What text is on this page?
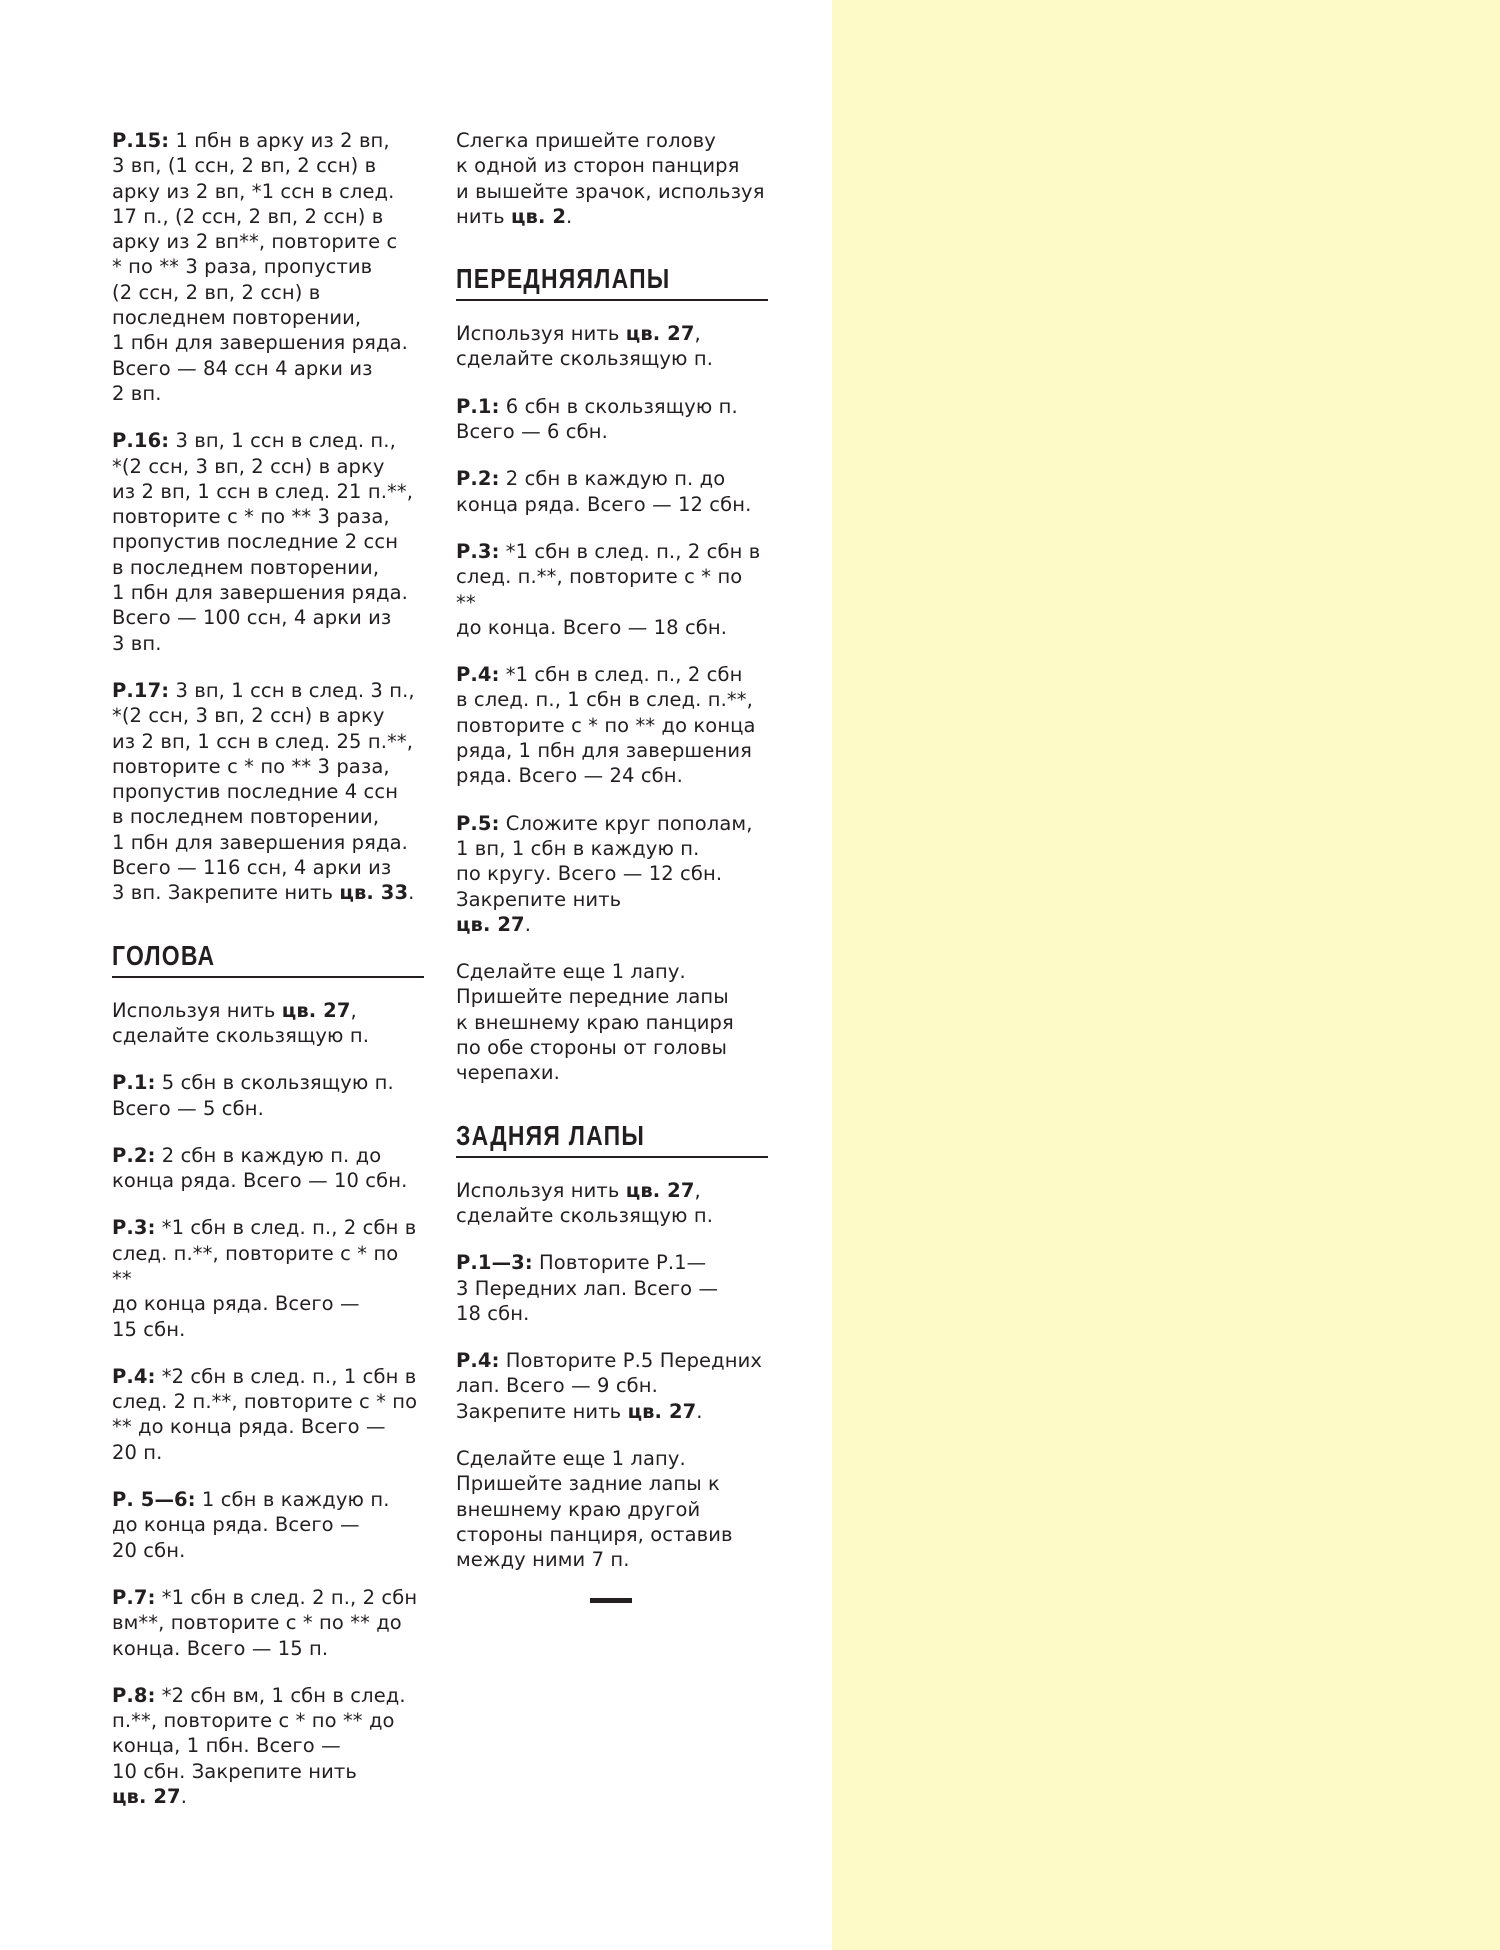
Р.15: 1 пбн в арку из 2 вп,
3 вп, (1 ссн, 2 вп, 2 ссн) в
арку из 2 вп, *1 ссн в след.
17 п., (2 ссн, 2 вп, 2 ссн) в
арку из 2 вп**, повторите с
* по ** 3 раза, пропустив
(2 ссн, 2 вп, 2 ссн) в
последнем повторении,
1 пбн для завершения ряда.
Всего — 84 ссн 4 арки из
2 вп.

Р.16: 3 вп, 1 ссн в след. п.,
*(2 ссн, 3 вп, 2 ссн) в арку
из 2 вп, 1 ссн в след. 21 п.**,
повторите с * по ** 3 раза,
пропустив последние 2 ссн
в последнем повторении,
1 пбн для завершения ряда.
Всего — 100 ссн, 4 арки из
3 вп.

Р.17: 3 вп, 1 ссн в след. 3 п.,
*(2 ссн, 3 вп, 2 ссн) в арку
из 2 вп, 1 ссн в след. 25 п.**,
повторите с * по ** 3 раза,
пропустив последние 4 ссн
в последнем повторении,
1 пбн для завершения ряда.
Всего — 116 ссн, 4 арки из
3 вп. Закрепите нить цв. 33.

ГОЛОВА

Используя нить цв. 27,
сделайте скользящую п.

Р.1: 5 сбн в скользящую п.
Всего — 5 сбн.

Р.2: 2 сбн в каждую п. до
конца ряда. Всего — 10 сбн.

Р.3: *1 сбн в след. п., 2 сбн в
след. п.**, повторите с * по **
до конца ряда. Всего —
15 сбн.

Р.4: *2 сбн в след. п., 1 сбн в
след. 2 п.**, повторите с * по
** до конца ряда. Всего —
20 п.

Р. 5—6: 1 сбн в каждую п.
до конца ряда. Всего —
20 сбн.

Р.7: *1 сбн в след. 2 п., 2 сбн
вм**, повторите с * по ** до
конца. Всего — 15 п.

Р.8: *2 сбн вм, 1 сбн в след.
п.**, повторите с * по ** до
конца, 1 пбн. Всего —
10 сбн. Закрепите нить
цв. 27.

Слегка пришейте голову
к одной из сторон панциря
и вышейте зрачок, используя
нить цв. 2.

ПЕРЕДНЯЯЛАПЫ

Используя нить цв. 27,
сделайте скользящую п.

Р.1: 6 сбн в скользящую п.
Всего — 6 сбн.

Р.2: 2 сбн в каждую п. до
конца ряда. Всего — 12 сбн.

Р.3: *1 сбн в след. п., 2 сбн в
след. п.**, повторите с * по **
до конца. Всего — 18 сбн.

Р.4: *1 сбн в след. п., 2 сбн
в след. п., 1 сбн в след. п.**,
повторите с * по ** до конца
ряда, 1 пбн для завершения
ряда. Всего — 24 сбн.

Р.5: Сложите круг пополам,
1 вп, 1 сбн в каждую п.
по кругу. Всего — 12 сбн.
Закрепите нить
цв. 27.

Сделайте еще 1 лапу.
Пришейте передние лапы
к внешнему краю панциря
по обе стороны от головы
черепахи.

ЗАДНЯЯ ЛАПЫ

Используя нить цв. 27,
сделайте скользящую п.

Р.1—3: Повторите Р.1—
3 Передних лап. Всего —
18 сбн.

Р.4: Повторите Р.5 Передних
лап. Всего — 9 сбн.
Закрепите нить цв. 27.

Сделайте еще 1 лапу.
Пришейте задние лапы к
внешнему краю другой
стороны панциря, оставив
между ними 7 п.
